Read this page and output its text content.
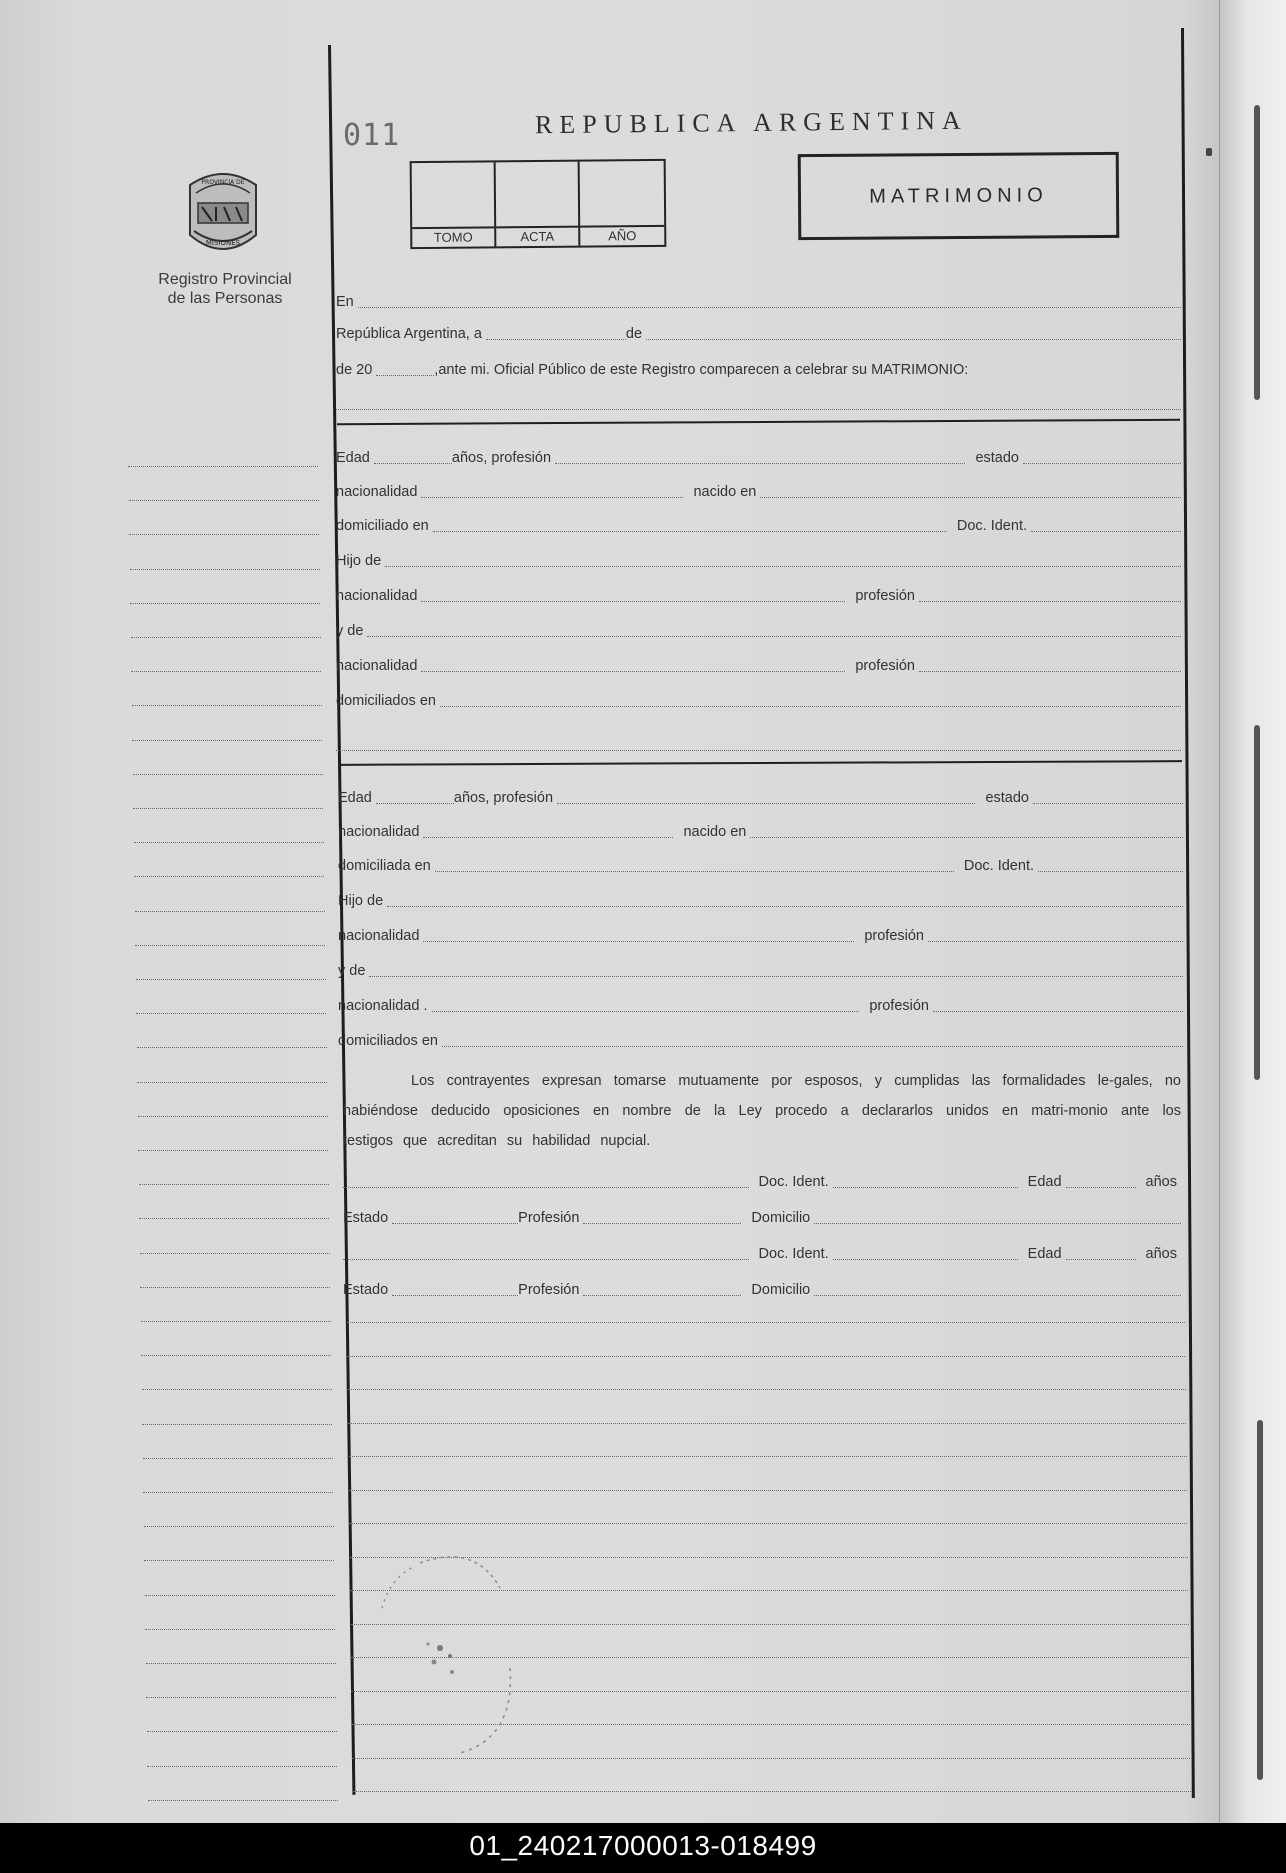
PROVINCIA DE
MISIONES
Registro Provincial
de las Personas
011	REPUBLICA ARGENTINA
TOMO	ACTA	AÑO
MATRIMONIO
En
República Argentina, a	de
de 20	,ante mi. Oficial Público de este Registro comparecen a celebrar su MATRIMONIO:
Edad	años, profesión	estado
nacionalidad	nacido en
domiciliado en	Doc. Ident.
Hijo de
nacionalidad	profesión
y de
nacionalidad	profesión
domiciliados en
Edad	años, profesión	estado
nacionalidad	nacido en
domiciliada en	Doc. Ident.
Hijo de
nacionalidad	profesión
y de
nacionalidad .	profesión
domiciliados en
Los contrayentes expresan tomarse mutuamente por esposos, y cumplidas las formalidades le-gales, no habiéndose deducido oposiciones en nombre de la Ley procedo a declararlos unidos en matri-monio ante los testigos que acreditan su habilidad nupcial.
Doc. Ident.	Edad	años
Estado	Profesión	Domicilio
Doc. Ident.	Edad	años
Estado	Profesión	Domicilio
01_240217000013-018499
